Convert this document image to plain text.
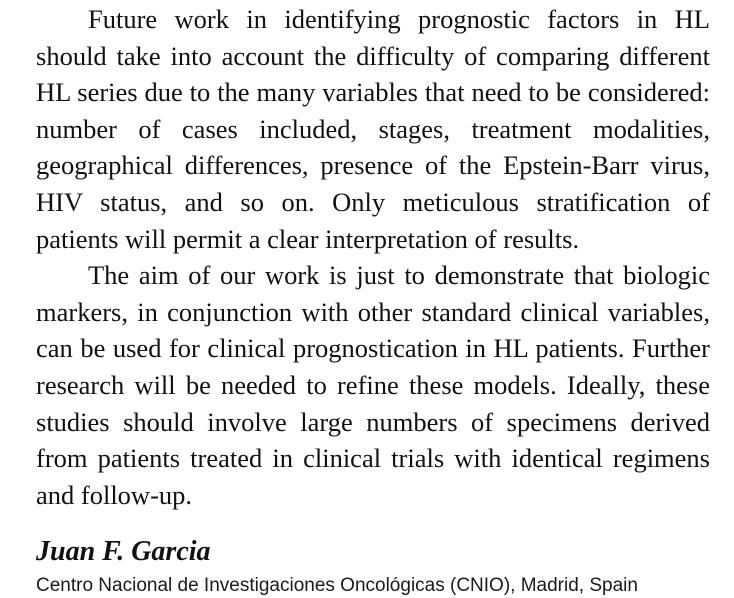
Future work in identifying prognostic factors in HL should take into account the difficulty of comparing different HL series due to the many variables that need to be considered: number of cases included, stages, treatment modalities, geographical differences, presence of the Epstein-Barr virus, HIV status, and so on. Only meticulous stratification of patients will permit a clear interpretation of results.

The aim of our work is just to demonstrate that biologic markers, in conjunction with other standard clinical variables, can be used for clinical prognostication in HL patients. Further research will be needed to refine these models. Ideally, these studies should involve large numbers of specimens derived from patients treated in clinical trials with identical regimens and follow-up.

Juan F. Garcia
Centro Nacional de Investigaciones Oncológicas (CNIO), Madrid, Spain
